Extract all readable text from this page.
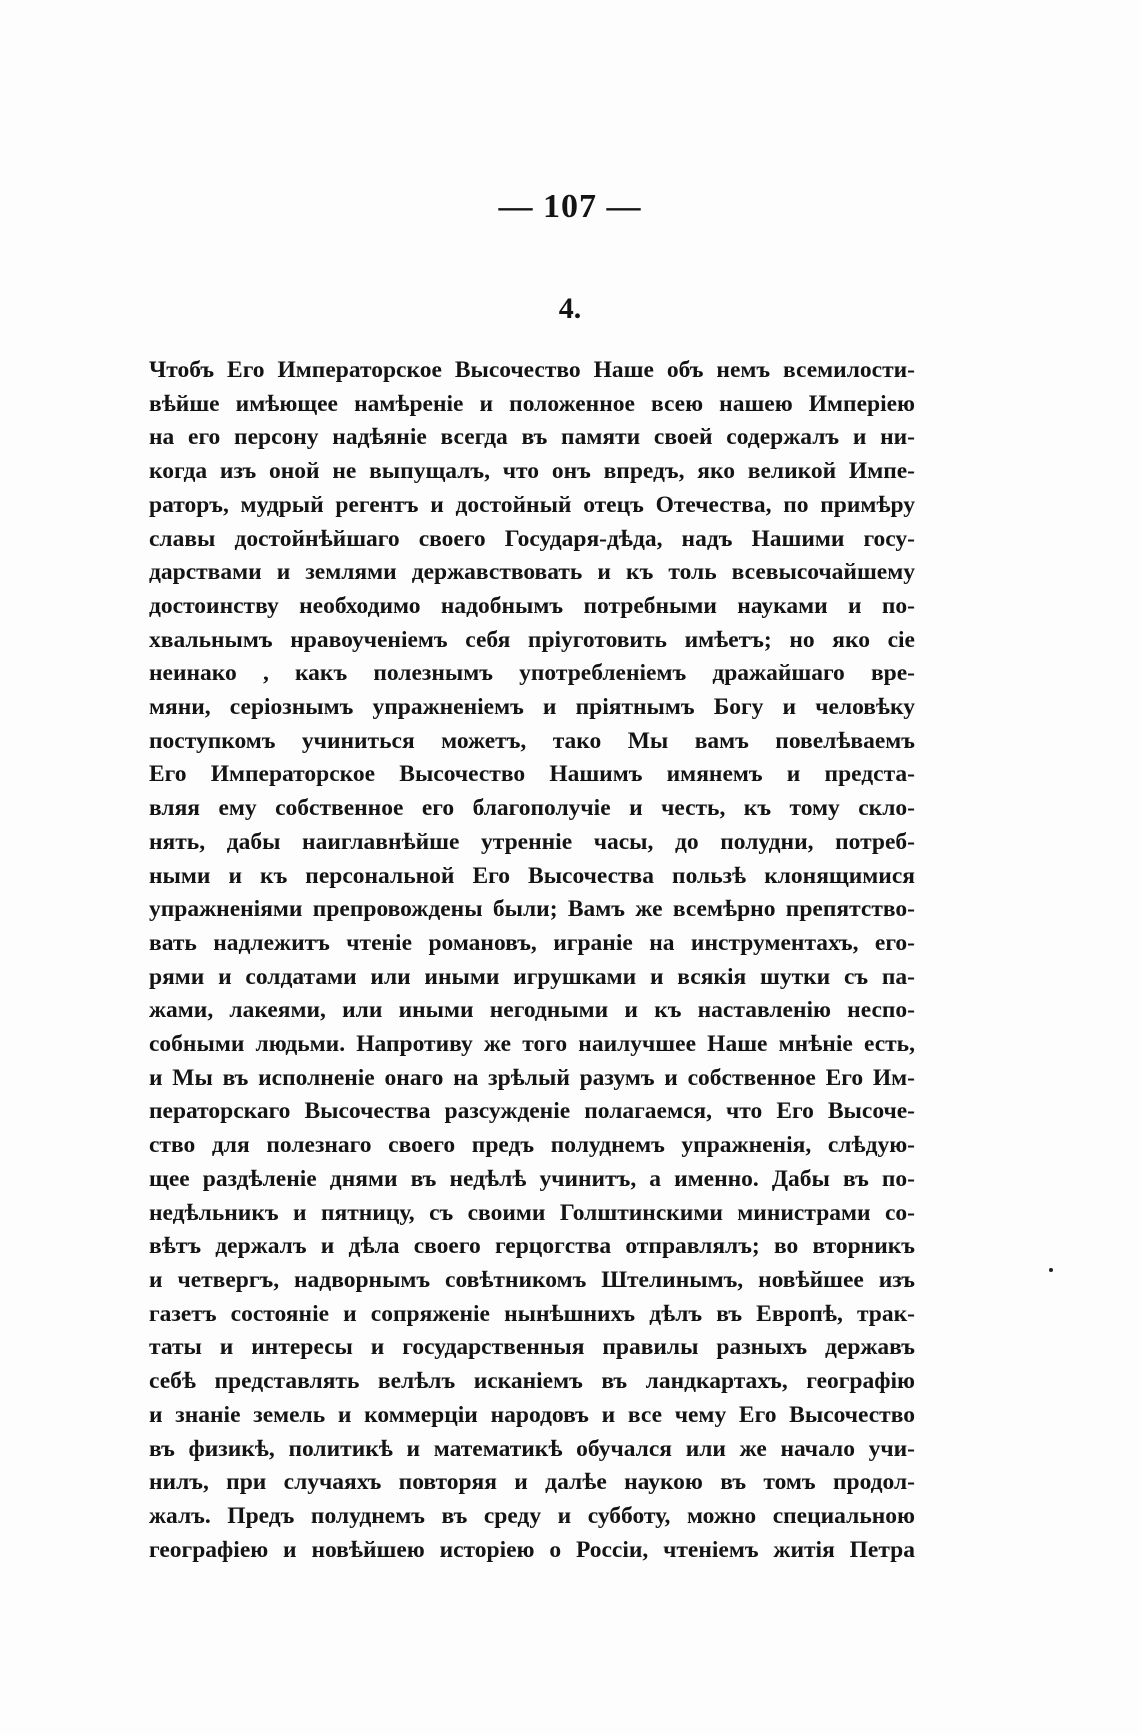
— 107 —
4.
Чтобъ Его Императорское Высочество Наше объ немъ всемилости-
вѣйше имѣющее намѣреніе и положенное всею нашею Имперіею
на его персону надѣяніе всегда въ памяти своей содержалъ и ни-
когда изъ оной не выпущалъ, что онъ впредъ, яко великой Импе-
раторъ, мудрый регентъ и достойный отецъ Отечества, по примѣру
славы достойнѣйшаго своего Государя-дѣда, надъ Нашими госу-
дарствами и землями державствовать и къ толь всевысочайшему
достоинству необходимо надобнымъ потребными науками и по-
хвальнымъ нравоученіемъ себя пріуготовить имѣетъ; но яко сіе
неинако , какъ полезнымъ употребленіемъ дражайшаго вре-
мяни, серіознымъ упражненіемъ и пріятнымъ Богу и человѣку
поступкомъ учиниться можетъ, тако Мы вамъ повелѣваемъ
Его Императорское Высочество Нашимъ имянемъ и предста-
вляя ему собственное его благополучіе и честь, къ тому скло-
нять, дабы наиглавнѣйше утренніе часы, до полудни, потреб-
ными и къ персональной Его Высочества пользѣ клонящимися
упражненіями препровождены были; Вамъ же всемѣрно препятство-
вать надлежитъ чтеніе романовъ, играніе на инструментахъ, его-
рями и солдатами или иными игрушками и всякія шутки съ па-
жами, лакеями, или иными негодными и къ наставленію неспо-
собными людьми. Напротиву же того наилучшее Наше мнѣніе есть,
и Мы въ исполненіе онаго на зрѣлый разумъ и собственное Его Им-
ператорскаго Высочества разсужденіе полагаемся, что Его Высоче-
ство для полезнаго своего предъ полуднемъ упражненія, слѣдую-
щее раздѣленіе днями въ недѣлѣ учинитъ, а именно. Дабы въ по-
недѣльникъ и пятницу, съ своими Голштинскими министрами со-
вѣтъ держалъ и дѣла своего герцогства отправлялъ; во вторникъ
и четвергъ, надворнымъ совѣтникомъ Штелинымъ, новѣйшее изъ
газетъ состояніе и сопряженіе нынѣшнихъ дѣлъ въ Европѣ, трак-
таты и интересы и государственныя правилы разныхъ державъ
себѣ представлять велѣлъ исканіемъ въ ландкартахъ, географію
и знаніе земель и коммерціи народовъ и все чему Его Высочество
въ физикѣ, политикѣ и математикѣ обучался или же начало учи-
нилъ, при случаяхъ повторяя и далѣе наукою въ томъ продол-
жалъ. Предъ полуднемъ въ среду и субботу, можно специальною
географіею и новѣйшею исторіею о Россіи, чтеніемъ житія Петра
